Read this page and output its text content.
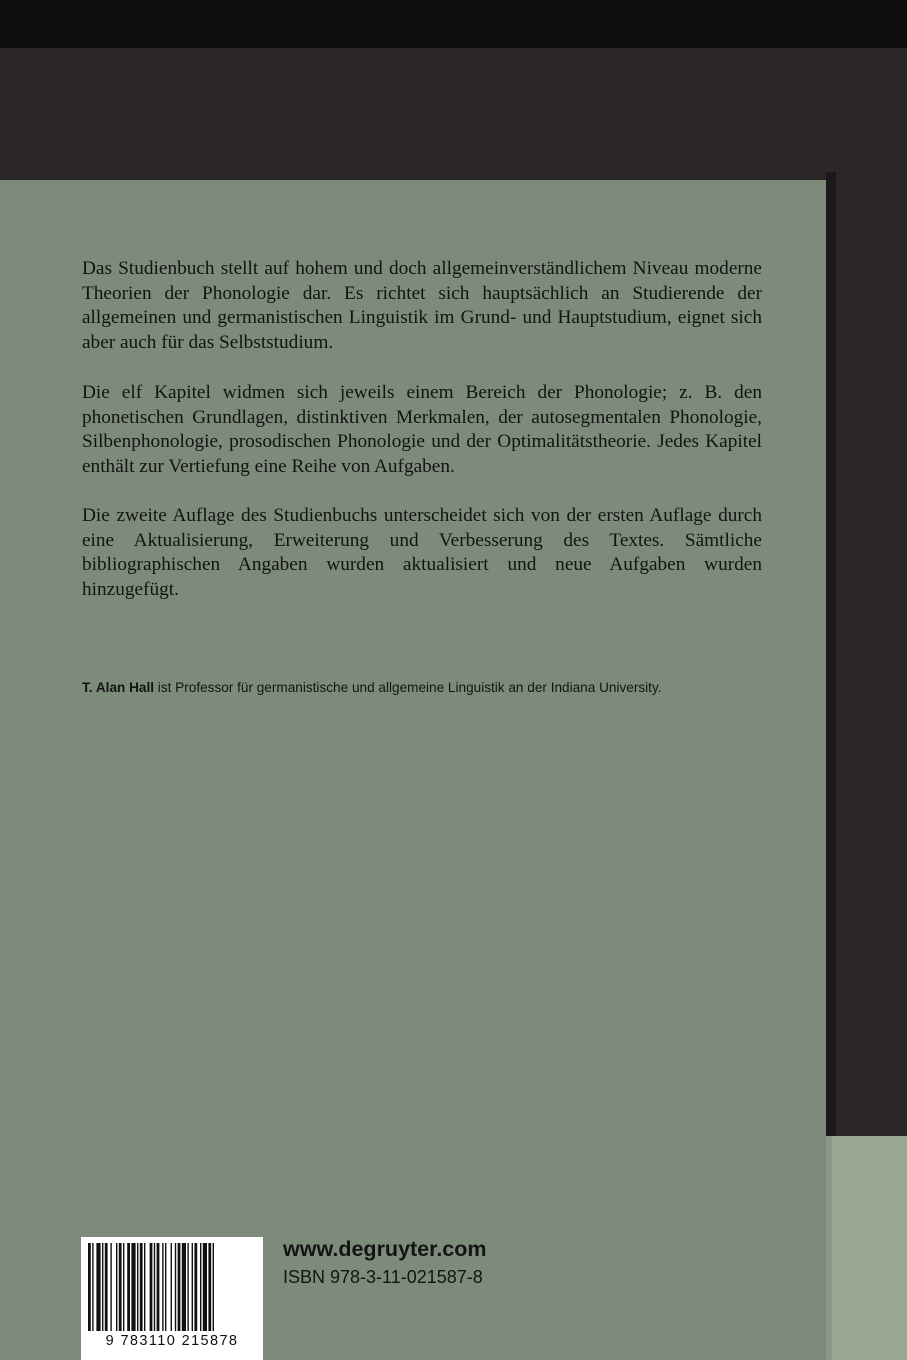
Das Studienbuch stellt auf hohem und doch allgemeinverständlichem Niveau moderne Theorien der Phonologie dar. Es richtet sich hauptsächlich an Studierende der allgemeinen und germanistischen Linguistik im Grund- und Hauptstudium, eignet sich aber auch für das Selbststudium.

Die elf Kapitel widmen sich jeweils einem Bereich der Phonologie; z. B. den phonetischen Grundlagen, distinktiven Merkmalen, der autosegmentalen Phonologie, Silbenphonologie, prosodischen Phonologie und der Optimalitätstheorie. Jedes Kapitel enthält zur Vertiefung eine Reihe von Aufgaben.

Die zweite Auflage des Studienbuchs unterscheidet sich von der ersten Auflage durch eine Aktualisierung, Erweiterung und Verbesserung des Textes. Sämtliche bibliographischen Angaben wurden aktualisiert und neue Aufgaben wurden hinzugefügt.

T. Alan Hall ist Professor für germanistische und allgemeine Linguistik an der Indiana University.
9 783110 215878
www.degruyter.com
ISBN 978-3-11-021587-8
